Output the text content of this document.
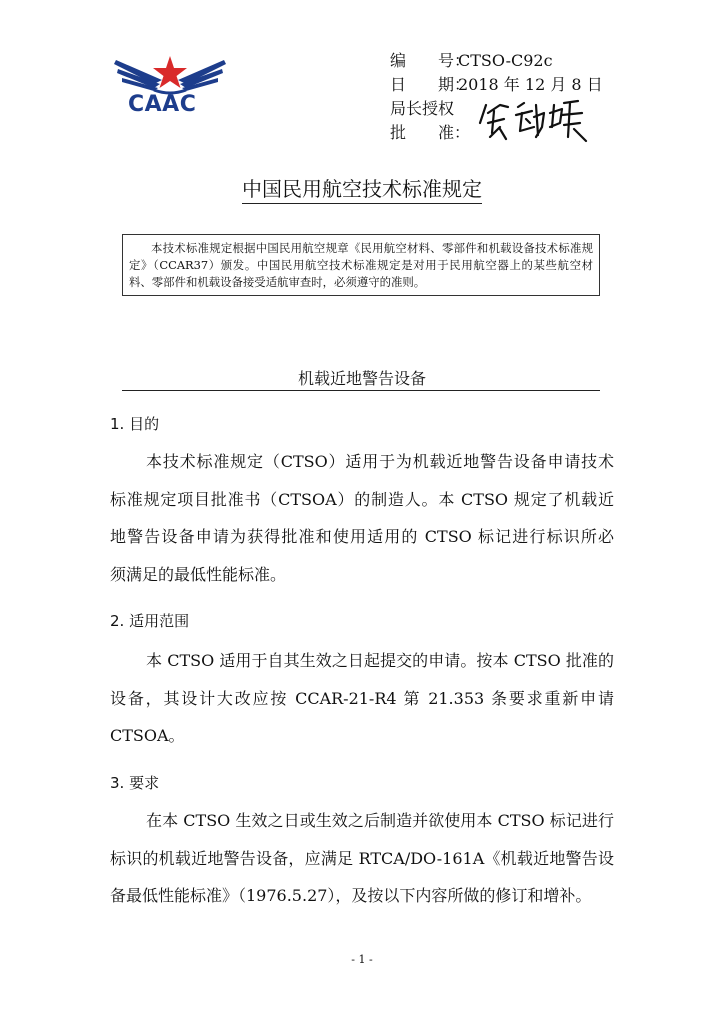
CAAC
编　　号：CTSO-C92c
日　　期：2018 年 12 月 8 日
局长授权
批　　准：
中国民用航空技术标准规定
本技术标准规定根据中国民用航空规章《民用航空材料、零部件和机载设备技术标准规定》（CCAR37）颁发。中国民用航空技术标准规定是对用于民用航空器上的某些航空材料、零部件和机载设备接受适航审查时，必须遵守的准则。
机载近地警告设备
1. 目的
本技术标准规定（CTSO）适用于为机载近地警告设备申请技术
标准规定项目批准书（CTSOA）的制造人。本 CTSO 规定了机载近
地警告设备申请为获得批准和使用适用的 CTSO 标记进行标识所必
须满足的最低性能标准。
2. 适用范围
本 CTSO 适用于自其生效之日起提交的申请。按本 CTSO 批准的
设备，其设计大改应按 CCAR-21-R4 第 21.353 条要求重新申请
CTSOA。
3. 要求
在本 CTSO 生效之日或生效之后制造并欲使用本 CTSO 标记进行
标识的机载近地警告设备，应满足 RTCA/DO-161A《机载近地警告设
备最低性能标准》（1976.5.27），及按以下内容所做的修订和增补。
- 1 -
